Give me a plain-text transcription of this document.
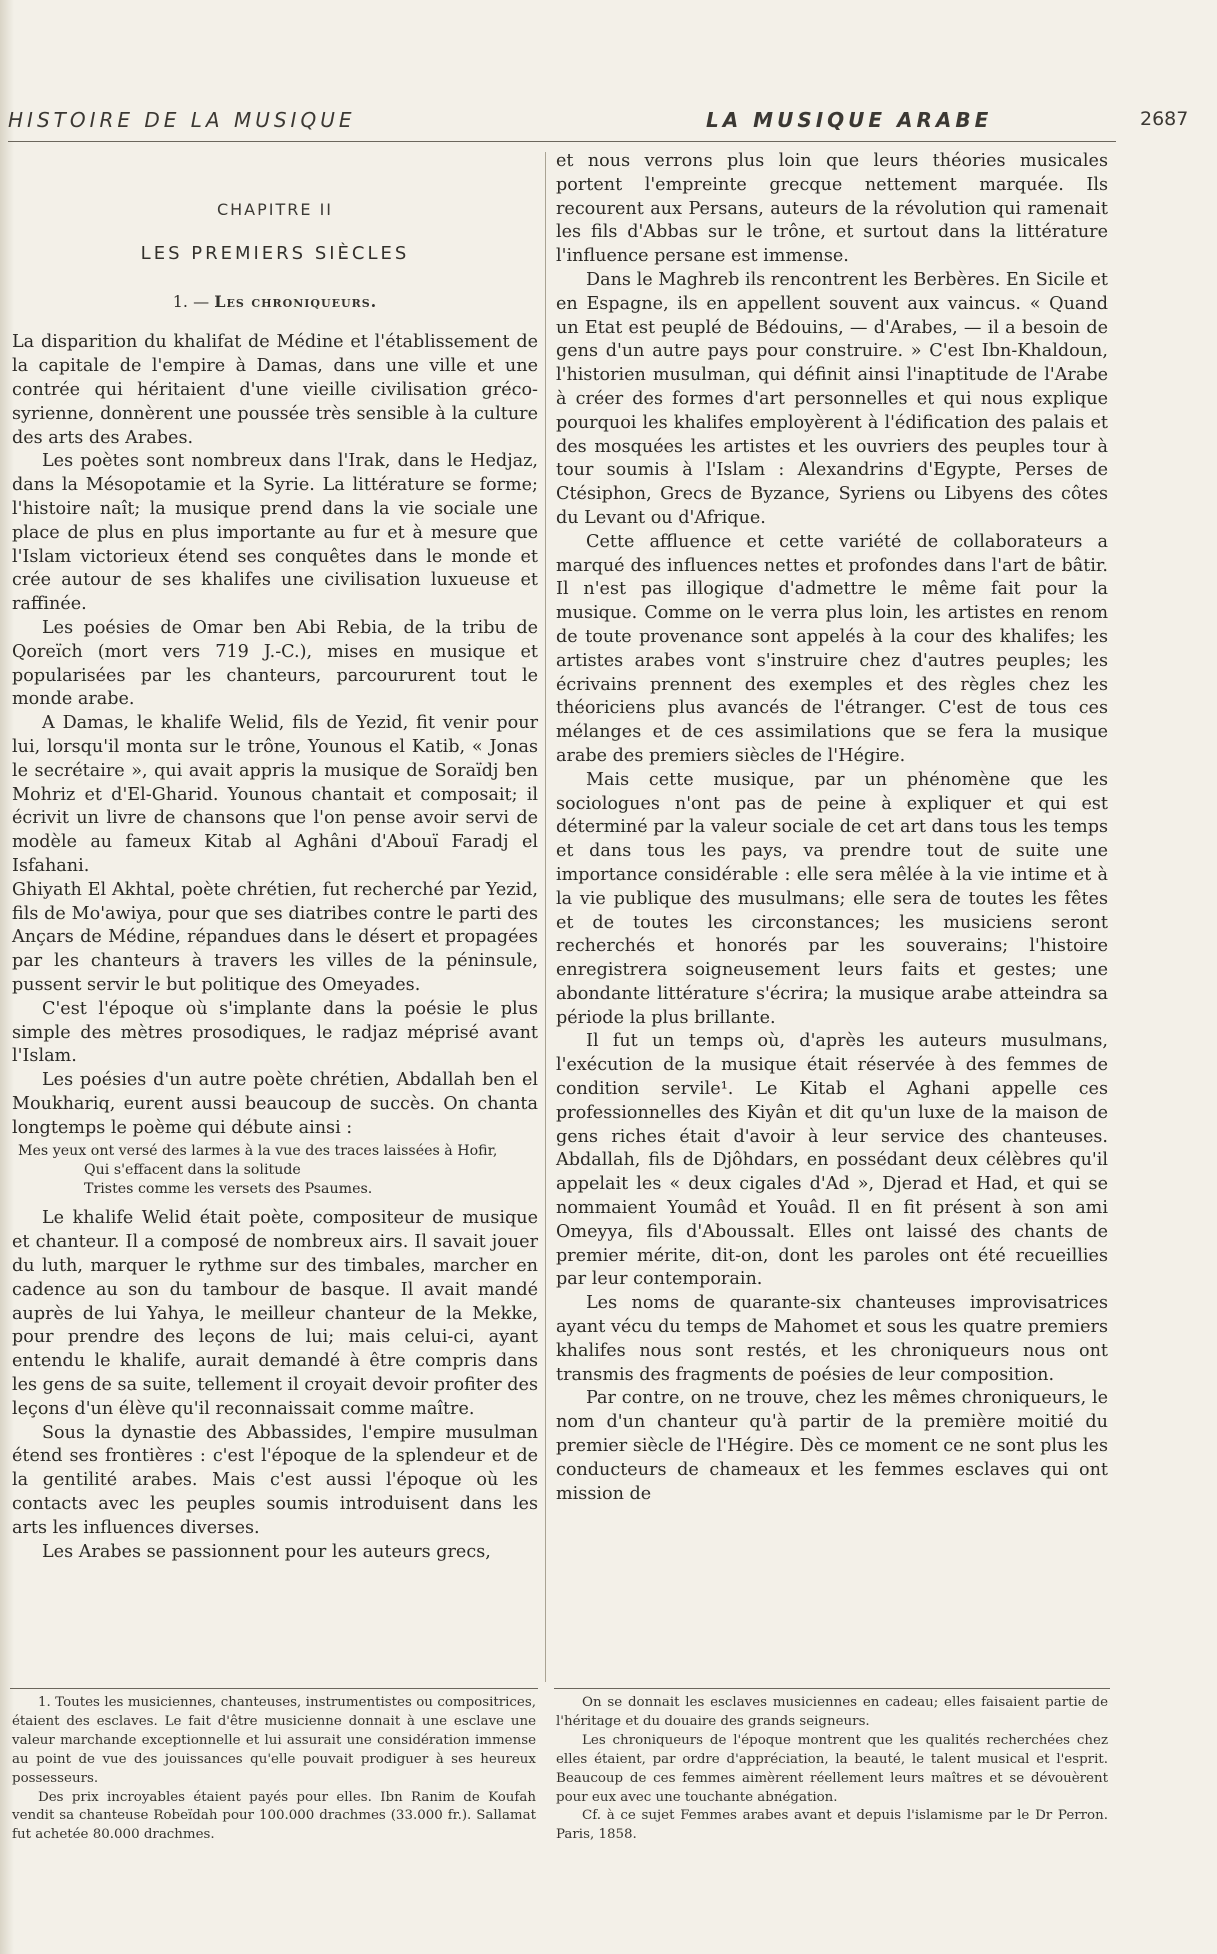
HISTOIRE DE LA MUSIQUE	LA MUSIQUE ARABE	2687
CHAPITRE II
LES PREMIERS SIÈCLES
1. — Les chroniqueurs.

La disparition du khalifat de Médine et l'établissement de la capitale de l'empire à Damas, dans une ville et une contrée qui héritaient d'une vieille civilisation gréco-syrienne, donnèrent une poussée très sensible à la culture des arts des Arabes.

Les poètes sont nombreux dans l'Irak, dans le Hedjaz, dans la Mésopotamie et la Syrie. La littérature se forme; l'histoire naît; la musique prend dans la vie sociale une place de plus en plus importante au fur et à mesure que l'Islam victorieux étend ses conquêtes dans le monde et crée autour de ses khalifes une civilisation luxueuse et raffinée.

Les poésies de Omar ben Abi Rebia, de la tribu de Qoreïch (mort vers 719 J.-C.), mises en musique et popularisées par les chanteurs, parcoururent tout le monde arabe.

A Damas, le khalife Welid, fils de Yezid, fit venir pour lui, lorsqu'il monta sur le trône, Younous el Katib, « Jonas le secrétaire », qui avait appris la musique de Soraïdj ben Mohriz et d'El-Gharid. Younous chantait et composait; il écrivit un livre de chansons que l'on pense avoir servi de modèle au fameux Kitab al Aghâni d'Abouï Faradj el Isfahani.

Ghiyath El Akhtal, poète chrétien, fut recherché par Yezid, fils de Mo'awiya, pour que ses diatribes contre le parti des Ançars de Médine, répandues dans le désert et propagées par les chanteurs à travers les villes de la péninsule, pussent servir le but politique des Omeyades.

C'est l'époque où s'implante dans la poésie le plus simple des mètres prosodiques, le radjaz méprisé avant l'Islam.

Les poésies d'un autre poète chrétien, Abdallah ben el Moukhariq, eurent aussi beaucoup de succès. On chanta longtemps le poème qui débute ainsi :

Mes yeux ont versé des larmes à la vue des traces laissées à Hofir,
Qui s'effacent dans la solitude
Tristes comme les versets des Psaumes.

Le khalife Welid était poète, compositeur de musique et chanteur. Il a composé de nombreux airs. Il savait jouer du luth, marquer le rythme sur des timbales, marcher en cadence au son du tambour de basque. Il avait mandé auprès de lui Yahya, le meilleur chanteur de la Mekke, pour prendre des leçons de lui; mais celui-ci, ayant entendu le khalife, aurait demandé à être compris dans les gens de sa suite, tellement il croyait devoir profiter des leçons d'un élève qu'il reconnaissait comme maître.

Sous la dynastie des Abbassides, l'empire musulman étend ses frontières : c'est l'époque de la splendeur et de la gentilité arabes. Mais c'est aussi l'époque où les contacts avec les peuples soumis introduisent dans les arts les influences diverses.

Les Arabes se passionnent pour les auteurs grecs,

et nous verrons plus loin que leurs théories musicales portent l'empreinte grecque nettement marquée. Ils recourent aux Persans, auteurs de la révolution qui ramenait les fils d'Abbas sur le trône, et surtout dans la littérature l'influence persane est immense.

Dans le Maghreb ils rencontrent les Berbères. En Sicile et en Espagne, ils en appellent souvent aux vaincus. « Quand un Etat est peuplé de Bédouins, — d'Arabes, — il a besoin de gens d'un autre pays pour construire. » C'est Ibn-Khaldoun, l'historien musulman, qui définit ainsi l'inaptitude de l'Arabe à créer des formes d'art personnelles et qui nous explique pourquoi les khalifes employèrent à l'édification des palais et des mosquées les artistes et les ouvriers des peuples tour à tour soumis à l'Islam : Alexandrins d'Egypte, Perses de Ctésiphon, Grecs de Byzance, Syriens ou Libyens des côtes du Levant ou d'Afrique.

Cette affluence et cette variété de collaborateurs a marqué des influences nettes et profondes dans l'art de bâtir. Il n'est pas illogique d'admettre le même fait pour la musique. Comme on le verra plus loin, les artistes en renom de toute provenance sont appelés à la cour des khalifes; les artistes arabes vont s'instruire chez d'autres peuples; les écrivains prennent des exemples et des règles chez les théoriciens plus avancés de l'étranger. C'est de tous ces mélanges et de ces assimilations que se fera la musique arabe des premiers siècles de l'Hégire.

Mais cette musique, par un phénomène que les sociologues n'ont pas de peine à expliquer et qui est déterminé par la valeur sociale de cet art dans tous les temps et dans tous les pays, va prendre tout de suite une importance considérable : elle sera mêlée à la vie intime et à la vie publique des musulmans; elle sera de toutes les fêtes et de toutes les circonstances; les musiciens seront recherchés et honorés par les souverains; l'histoire enregistrera soigneusement leurs faits et gestes; une abondante littérature s'écrira; la musique arabe atteindra sa période la plus brillante.

Il fut un temps où, d'après les auteurs musulmans, l'exécution de la musique était réservée à des femmes de condition servile¹. Le Kitab el Aghani appelle ces professionnelles des Kiyân et dit qu'un luxe de la maison de gens riches était d'avoir à leur service des chanteuses. Abdallah, fils de Djôhdars, en possédant deux célèbres qu'il appelait les « deux cigales d'Ad », Djerad et Had, et qui se nommaient Youmâd et Youâd. Il en fit présent à son ami Omeyya, fils d'Aboussalt. Elles ont laissé des chants de premier mérite, dit-on, dont les paroles ont été recueillies par leur contemporain.

Les noms de quarante-six chanteuses improvisatrices ayant vécu du temps de Mahomet et sous les quatre premiers khalifes nous sont restés, et les chroniqueurs nous ont transmis des fragments de poésies de leur composition.

Par contre, on ne trouve, chez les mêmes chroniqueurs, le nom d'un chanteur qu'à partir de la première moitié du premier siècle de l'Hégire. Dès ce moment ce ne sont plus les conducteurs de chameaux et les femmes esclaves qui ont mission de

1. Toutes les musiciennes, chanteuses, instrumentistes ou compositrices, étaient des esclaves. Le fait d'être musicienne donnait à une esclave une valeur marchande exceptionnelle et lui assurait une considération immense au point de vue des jouissances qu'elle pouvait prodiguer à ses heureux possesseurs.

Des prix incroyables étaient payés pour elles. Ibn Ranim de Koufah vendit sa chanteuse Robeïdah pour 100.000 drachmes (33.000 fr.). Sallamat fut achetée 80.000 drachmes.

On se donnait les esclaves musiciennes en cadeau; elles faisaient partie de l'héritage et du douaire des grands seigneurs.

Les chroniqueurs de l'époque montrent que les qualités recherchées chez elles étaient, par ordre d'appréciation, la beauté, le talent musical et l'esprit. Beaucoup de ces femmes aimèrent réellement leurs maîtres et se dévouèrent pour eux avec une touchante abnégation.

Cf. à ce sujet Femmes arabes avant et depuis l'islamisme par le Dr Perron. Paris, 1858.
